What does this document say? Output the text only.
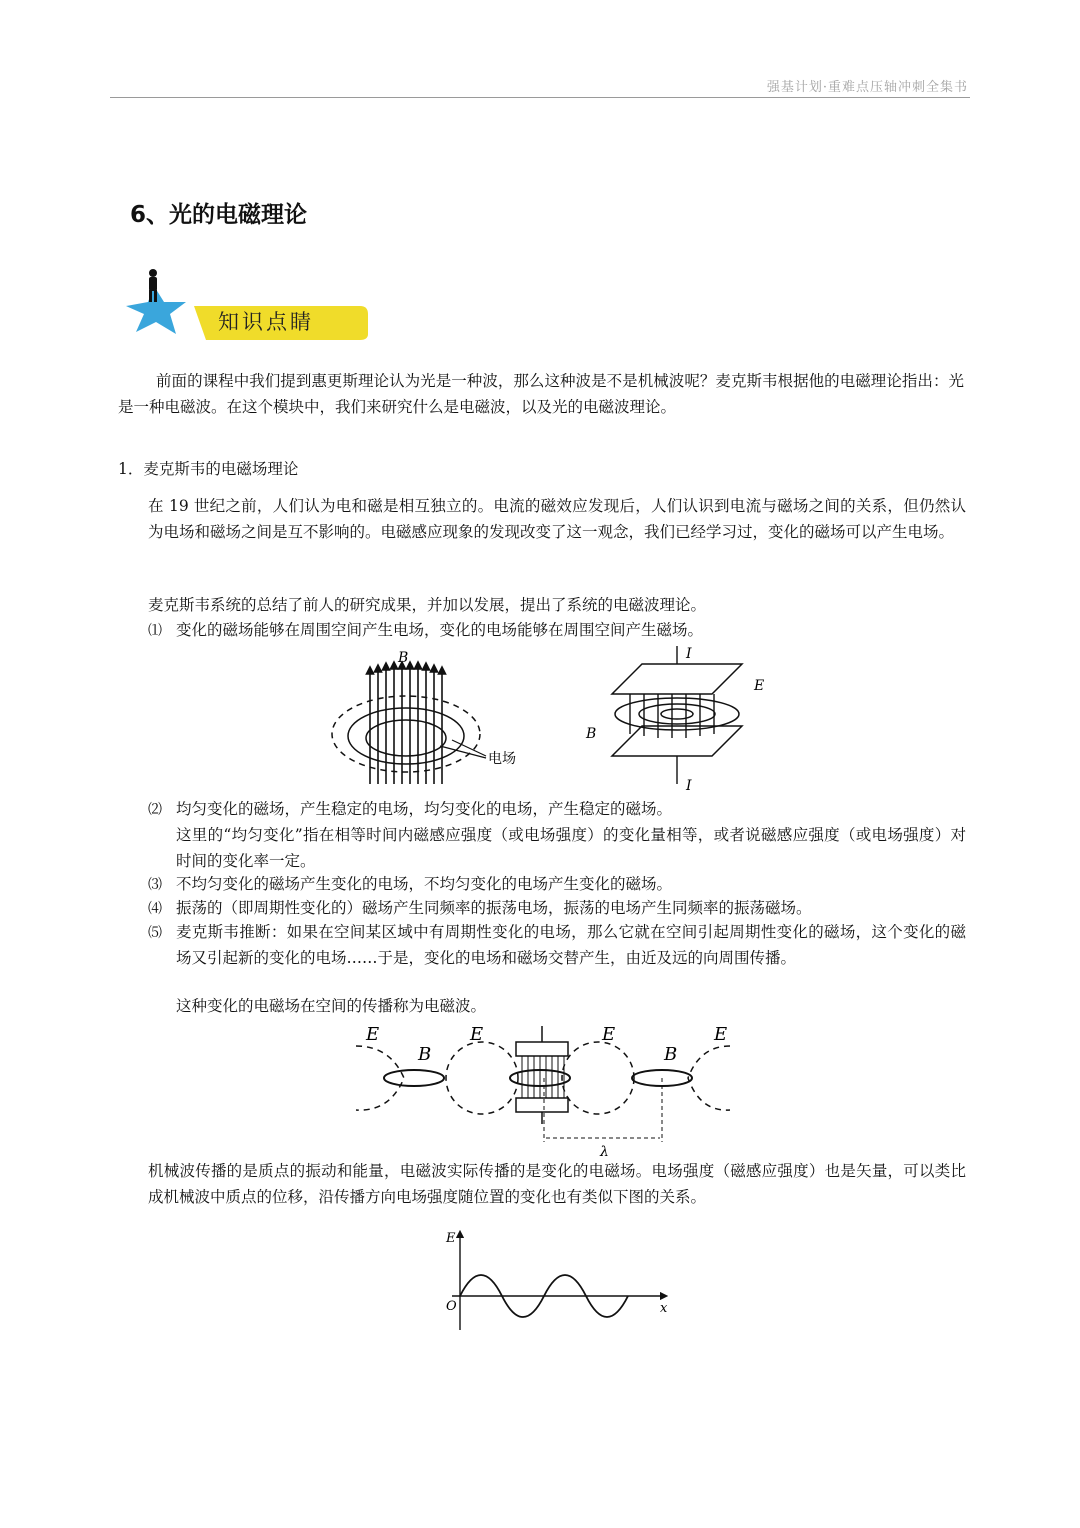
强基计划·重难点压轴冲刺全集书
6、光的电磁理论
知识点睛
前面的课程中我们提到惠更斯理论认为光是一种波，那么这种波是不是机械波呢？麦克斯韦根据他的电磁理论指出：光是一种电磁波。在这个模块中，我们来研究什么是电磁波，以及光的电磁波理论。
1．麦克斯韦的电磁场理论
在 19 世纪之前，人们认为电和磁是相互独立的。电流的磁效应发现后，人们认识到电流与磁场之间的关系，但仍然认为电场和磁场之间是互不影响的。电磁感应现象的发现改变了这一观念，我们已经学习过，变化的磁场可以产生电场。
麦克斯韦系统的总结了前人的研究成果，并加以发展，提出了系统的电磁波理论。
⑴ 变化的磁场能够在周围空间产生电场，变化的电场能够在周围空间产生磁场。
B
电场
I
I
E
B
⑵ 均匀变化的磁场，产生稳定的电场，均匀变化的电场，产生稳定的磁场。
这里的“均匀变化”指在相等时间内磁感应强度（或电场强度）的变化量相等，或者说磁感应强度（或电场强度）对时间的变化率一定。
⑶ 不均匀变化的磁场产生变化的电场，不均匀变化的电场产生变化的磁场。
⑷ 振荡的（即周期性变化的）磁场产生同频率的振荡电场，振荡的电场产生同频率的振荡磁场。
⑸ 麦克斯韦推断：如果在空间某区域中有周期性变化的电场，那么它就在空间引起周期性变化的磁场，这个变化的磁场又引起新的变化的电场……于是，变化的电场和磁场交替产生，由近及远的向周围传播。
这种变化的电磁场在空间的传播称为电磁波。
λ
E	E	E	E
B	B
机械波传播的是质点的振动和能量，电磁波实际传播的是变化的电磁场。电场强度（磁感应强度）也是矢量，可以类比成机械波中质点的位移，沿传播方向电场强度随位置的变化也有类似下图的关系。
E
O	x
